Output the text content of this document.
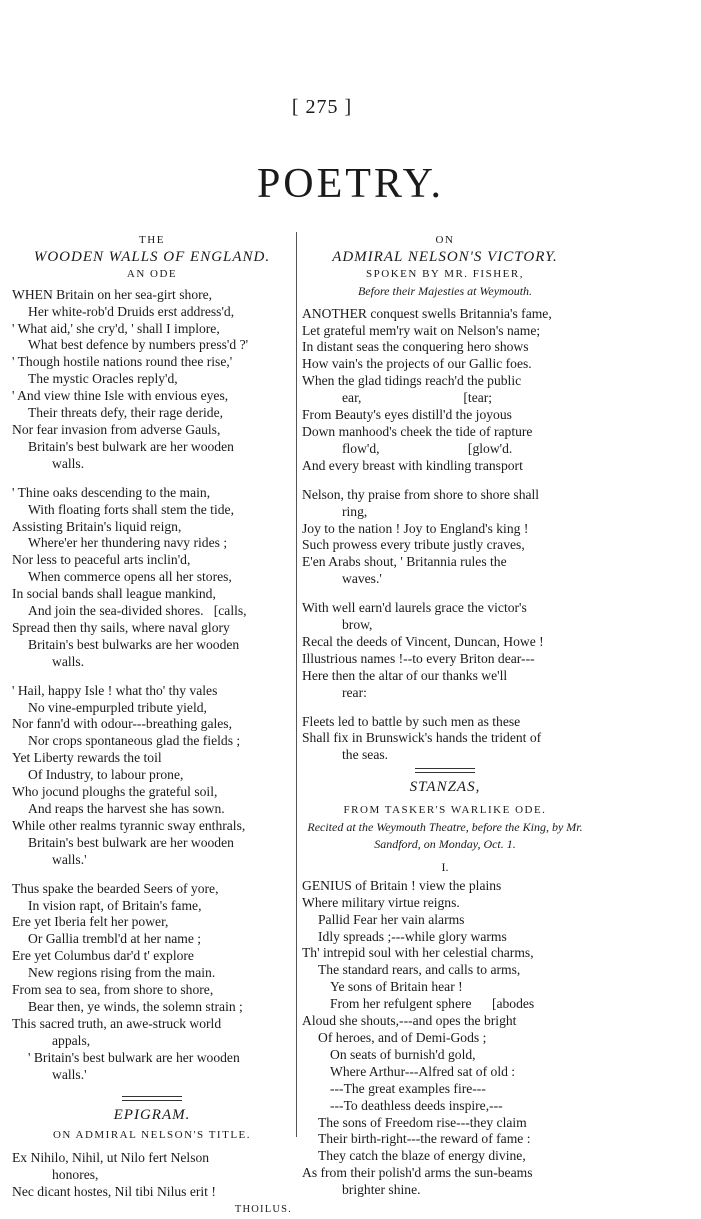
[ 275 ]
POETRY.
THE
WOODEN WALLS OF ENGLAND.
AN ODE
WHEN Britain on her sea-girt shore,
Her white-rob'd Druids erst address'd,
' What aid,' she cry'd, ' shall I implore,
What best defence by numbers press'd ?'
' Though hostile nations round thee rise,'
The mystic Oracles reply'd,
' And view thine Isle with envious eyes,
Their threats defy, their rage deride,
Nor fear invasion from adverse Gauls,
Britain's best bulwark are her wooden
walls.
' Thine oaks descending to the main,
With floating forts shall stem the tide,
Assisting Britain's liquid reign,
Where'er her thundering navy rides ;
Nor less to peaceful arts inclin'd,
When commerce opens all her stores,
In social bands shall league mankind,
And join the sea-divided shores.   [calls,
Spread then thy sails, where naval glory
Britain's best bulwarks are her wooden
walls.
' Hail, happy Isle ! what tho' thy vales
No vine-empurpled tribute yield,
Nor fann'd with odour---breathing gales,
Nor crops spontaneous glad the fields ;
Yet Liberty rewards the toil
Of Industry, to labour prone,
Who jocund ploughs the grateful soil,
And reaps the harvest she has sown.
While other realms tyrannic sway enthrals,
Britain's best bulwark are her wooden
walls.'
Thus spake the bearded Seers of yore,
In vision rapt, of Britain's fame,
Ere yet Iberia felt her power,
Or Gallia trembl'd at her name ;
Ere yet Columbus dar'd t' explore
New regions rising from the main.
From sea to sea, from shore to shore,
Bear then, ye winds, the solemn strain ;
This sacred truth, an awe-struck world
appals,
' Britain's best bulwark are her wooden
walls.'
EPIGRAM.
ON ADMIRAL NELSON'S TITLE.
Ex Nihilo, Nihil, ut Nilo fert Nelson
honores,
Nec dicant hostes, Nil tibi Nilus erit !
THOILUS.
ON
ADMIRAL NELSON'S VICTORY.
SPOKEN BY MR. FISHER,
Before their Majesties at Weymouth.
ANOTHER conquest swells Britannia's fame,
Let grateful mem'ry wait on Nelson's name;
In distant seas the conquering hero shows
How vain's the projects of our Gallic foes.
When the glad tidings reach'd the public
ear,                              [tear;
From Beauty's eyes distill'd the joyous
Down manhood's cheek the tide of rapture
flow'd,                          [glow'd.
And every breast with kindling transport
Nelson, thy praise from shore to shore shall
ring,
Joy to the nation ! Joy to England's king !
Such prowess every tribute justly craves,
E'en Arabs shout, ' Britannia rules the
waves.'
With well earn'd laurels grace the victor's
brow,
Recal the deeds of Vincent, Duncan, Howe !
Illustrious names !--to every Briton dear---
Here then the altar of our thanks we'll
rear:
Fleets led to battle by such men as these
Shall fix in Brunswick's hands the trident of
the seas.
STANZAS,
FROM TASKER'S WARLIKE ODE.
Recited at the Weymouth Theatre, before the King, by Mr. Sandford, on Monday, Oct. 1.
I.
GENIUS of Britain ! view the plains
Where military virtue reigns.
Pallid Fear her vain alarms
Idly spreads ;---while glory warms
Th' intrepid soul with her celestial charms,
The standard rears, and calls to arms,
Ye sons of Britain hear !
From her refulgent sphere      [abodes
Aloud she shouts,---and opes the bright
Of heroes, and of Demi-Gods ;
On seats of burnish'd gold,
Where Arthur---Alfred sat of old :
---The great examples fire---
---To deathless deeds inspire,---
The sons of Freedom rise---they claim
Their birth-right---the reward of fame :
They catch the blaze of energy divine,
As from their polish'd arms the sun-beams
brighter shine.
